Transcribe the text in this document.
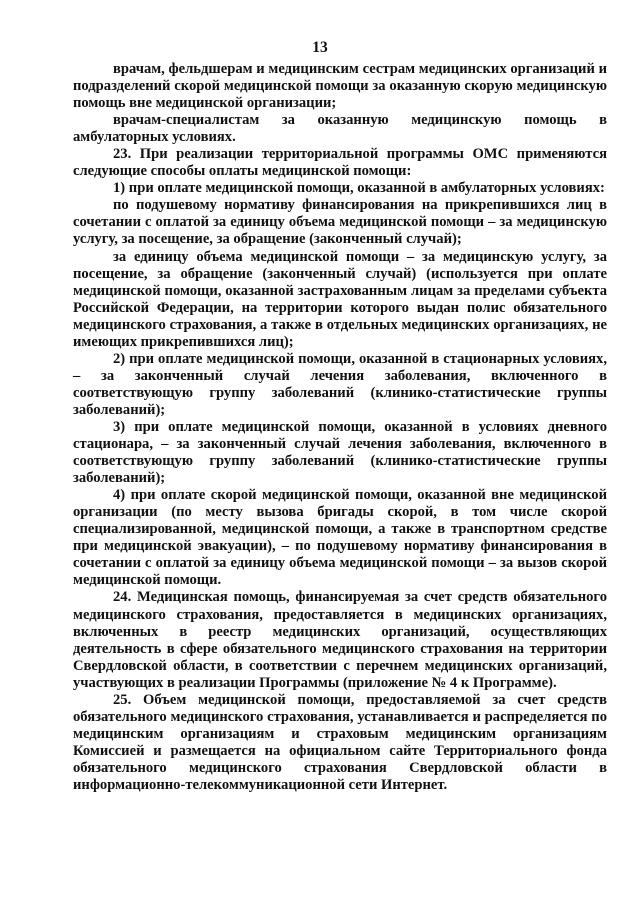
13

врачам, фельдшерам и медицинским сестрам медицинских организаций и подразделений скорой медицинской помощи за оказанную скорую медицинскую помощь вне медицинской организации;

врачам-специалистам за оказанную медицинскую помощь в амбулаторных условиях.

23. При реализации территориальной программы ОМС применяются следующие способы оплаты медицинской помощи:

1) при оплате медицинской помощи, оказанной в амбулаторных условиях:

по подушевому нормативу финансирования на прикрепившихся лиц в сочетании с оплатой за единицу объема медицинской помощи – за медицинскую услугу, за посещение, за обращение (законченный случай);

за единицу объема медицинской помощи – за медицинскую услугу, за посещение, за обращение (законченный случай) (используется при оплате медицинской помощи, оказанной застрахованным лицам за пределами субъекта Российской Федерации, на территории которого выдан полис обязательного медицинского страхования, а также в отдельных медицинских организациях, не имеющих прикрепившихся лиц);

2) при оплате медицинской помощи, оказанной в стационарных условиях, – за законченный случай лечения заболевания, включенного в соответствующую группу заболеваний (клинико-статистические группы заболеваний);

3) при оплате медицинской помощи, оказанной в условиях дневного стационара, – за законченный случай лечения заболевания, включенного в соответствующую группу заболеваний (клинико-статистические группы заболеваний);

4) при оплате скорой медицинской помощи, оказанной вне медицинской организации (по месту вызова бригады скорой, в том числе скорой специализированной, медицинской помощи, а также в транспортном средстве при медицинской эвакуации), – по подушевому нормативу финансирования в сочетании с оплатой за единицу объема медицинской помощи – за вызов скорой медицинской помощи.

24. Медицинская помощь, финансируемая за счет средств обязательного медицинского страхования, предоставляется в медицинских организациях, включенных в реестр медицинских организаций, осуществляющих деятельность в сфере обязательного медицинского страхования на территории Свердловской области, в соответствии с перечнем медицинских организаций, участвующих в реализации Программы (приложение № 4 к Программе).

25. Объем медицинской помощи, предоставляемой за счет средств обязательного медицинского страхования, устанавливается и распределяется по медицинским организациям и страховым медицинским организациям Комиссией и размещается на официальном сайте Территориального фонда обязательного медицинского страхования Свердловской области в информационно-телекоммуникационной сети Интернет.
